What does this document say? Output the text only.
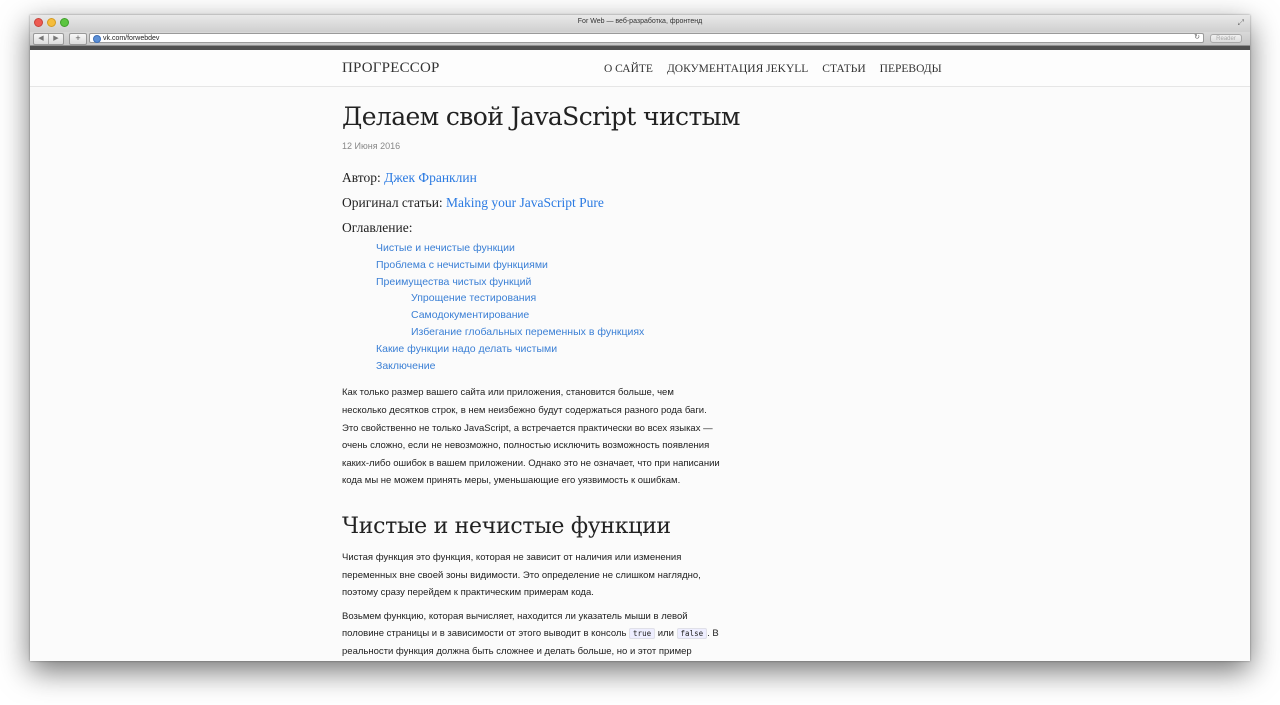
For Web — веб-разработка, фронтенд	⤢
◀	▶	+	vk.com/forwebdev	↻	Reader
ПРОГРЕССОР	О САЙТЕ ДОКУМЕНТАЦИЯ JEKYLL СТАТЬИ ПЕРЕВОДЫ
Делаем свой JavaScript чистым
12 Июня 2016

Автор: Джек Франклин

Оригинал статьи: Making your JavaScript Pure

Оглавление:
Чистые и нечистые функции
Проблема с нечистыми функциями
Преимущества чистых функций
Упрощение тестирования
Самодокументирование
Избегание глобальных переменных в функциях
Какие функции надо делать чистыми
Заключение

Как только размер вашего сайта или приложения, становится больше, чем
несколько десятков строк, в нем неизбежно будут содержаться разного рода баги.
Это свойственно не только JavaScript, а встречается практически во всех языках —
очень сложно, если не невозможно, полностью исключить возможность появления
каких-либо ошибок в вашем приложении. Однако это не означает, что при написании
кода мы не можем принять меры, уменьшающие его уязвимость к ошибкам.

Чистые и нечистые функции

Чистая функция это функция, которая не зависит от наличия или изменения
переменных вне своей зоны видимости. Это определение не слишком наглядно,
поэтому сразу перейдем к практическим примерам кода.

Возьмем функцию, которая вычисляет, находится ли указатель мыши в левой
половине страницы и в зависимости от этого выводит в консоль true или false . В
реальности функция должна быть сложнее и делать больше, но и этот пример
